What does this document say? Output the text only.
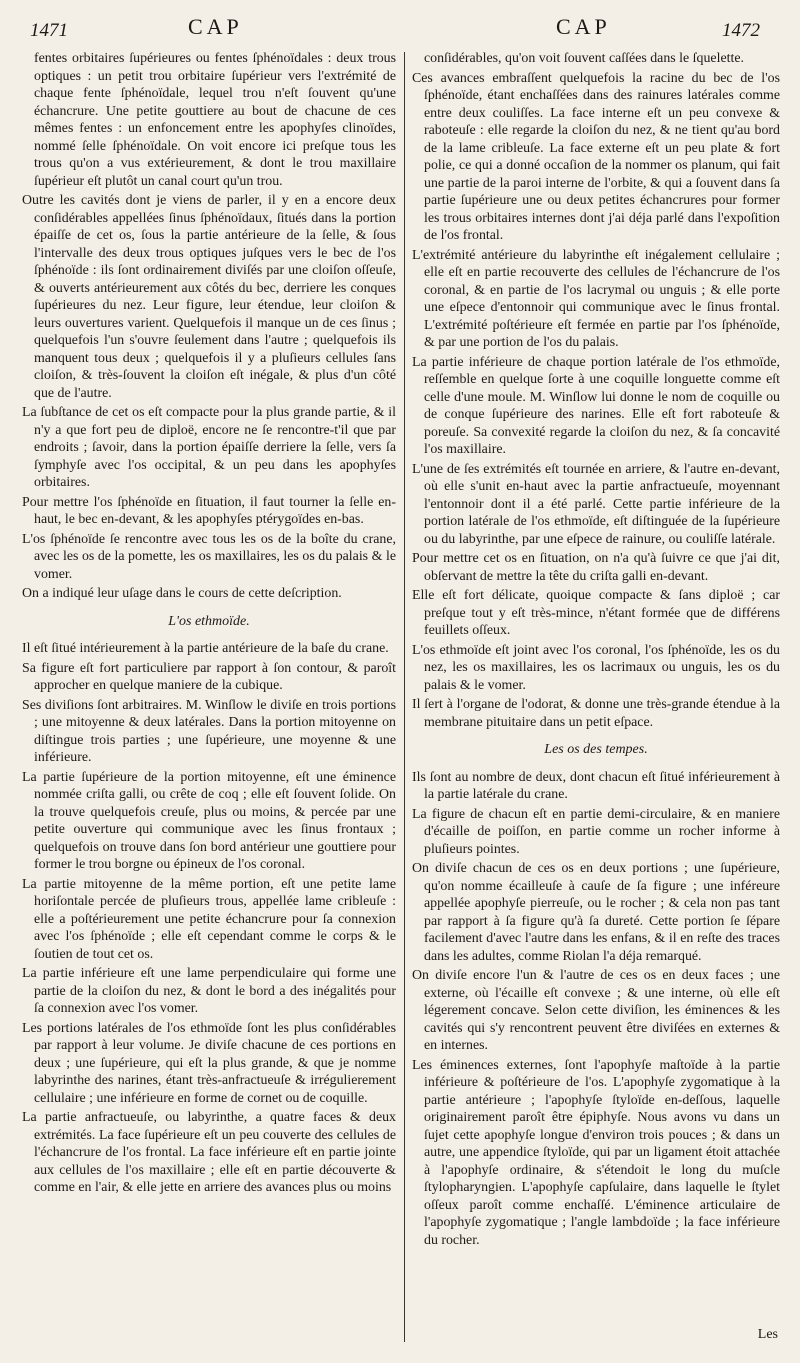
1471	CAP	CAP	1472

fentes orbitaires ſupérieures ou fentes ſphénoïdales : deux trous optiques : un petit trou orbitaire ſupérieur vers l'extrémité de chaque fente ſphénoïdale, lequel trou n'eſt ſouvent qu'une échancrure. Une petite gouttiere au bout de chacune de ces mêmes fentes : un enfoncement entre les apophyſes clinoïdes, nommé ſelle ſphénoïdale. On voit encore ici preſque tous les trous qu'on a vus extérieurement, & dont le trou maxillaire ſupérieur eſt plutôt un canal court qu'un trou.

Outre les cavités dont je viens de parler, il y en a encore deux conſidérables appellées ſinus ſphénoïdaux, ſitués dans la portion épaiſſe de cet os, ſous la partie antérieure de la ſelle, & ſous l'intervalle des deux trous optiques juſques vers le bec de l'os ſphénoïde : ils ſont ordinairement diviſés par une cloiſon oſſeuſe, & ouverts antérieurement aux côtés du bec, derriere les conques ſupérieures du nez. Leur figure, leur étendue, leur cloiſon & leurs ouvertures varient. Quelquefois il manque un de ces ſinus ; quelquefois l'un s'ouvre ſeulement dans l'autre ; quelquefois ils manquent tous deux ; quelquefois il y a pluſieurs cellules ſans cloiſon, & très-ſouvent la cloiſon eſt inégale, & plus d'un côté que de l'autre.

La ſubſtance de cet os eſt compacte pour la plus grande partie, & il n'y a que fort peu de diploë, encore ne ſe rencontre-t'il que par endroits ; ſavoir, dans la portion épaiſſe derriere la ſelle, vers ſa ſymphyſe avec l'os occipital, & un peu dans les apophyſes orbitaires.

Pour mettre l'os ſphénoïde en ſituation, il faut tourner la ſelle en-haut, le bec en-devant, & les apophyſes ptérygoïdes en-bas.

L'os ſphénoïde ſe rencontre avec tous les os de la boîte du crane, avec les os de la pomette, les os maxillaires, les os du palais & le vomer.

On a indiqué leur uſage dans le cours de cette deſcription.

L'os ethmoïde.

Il eſt ſitué intérieurement à la partie antérieure de la baſe du crane.

Sa figure eſt fort particuliere par rapport à ſon contour, & paroît approcher en quelque maniere de la cubique.

Ses diviſions ſont arbitraires. M. Winſlow le diviſe en trois portions ; une mitoyenne & deux latérales. Dans la portion mitoyenne on diſtingue trois parties ; une ſupérieure, une moyenne & une inférieure.

La partie ſupérieure de la portion mitoyenne, eſt une éminence nommée criſta galli, ou crête de coq ; elle eſt ſouvent ſolide. On la trouve quelquefois creuſe, plus ou moins, & percée par une petite ouverture qui communique avec les ſinus frontaux ; quelquefois on trouve dans ſon bord antérieur une gouttiere pour former le trou borgne ou épineux de l'os coronal.

La partie mitoyenne de la même portion, eſt une petite lame horiſontale percée de pluſieurs trous, appellée lame cribleuſe : elle a poſtérieurement une petite échancrure pour ſa connexion avec l'os ſphénoïde ; elle eſt cependant comme le corps & le ſoutien de tout cet os.

La partie inférieure eſt une lame perpendiculaire qui forme une partie de la cloiſon du nez, & dont le bord a des inégalités pour ſa connexion avec l'os vomer.

Les portions latérales de l'os ethmoïde ſont les plus conſidérables par rapport à leur volume. Je diviſe chacune de ces portions en deux ; une ſupérieure, qui eſt la plus grande, & que je nomme labyrinthe des narines, étant très-anfractueuſe & irrégulierement cellulaire ; une inférieure en forme de cornet ou de coquille.

La partie anfractueuſe, ou labyrinthe, a quatre faces & deux extrémités. La face ſupérieure eſt un peu couverte des cellules de l'échancrure de l'os frontal. La face inférieure eſt en partie jointe aux cellules de l'os maxillaire ; elle eſt en partie découverte & comme en l'air, & elle jette en arriere des avances plus ou moins

conſidérables, qu'on voit ſouvent caſſées dans le ſquelette.

Ces avances embraſſent quelquefois la racine du bec de l'os ſphénoïde, étant enchaſſées dans des rainures latérales comme entre deux couliſſes. La face interne eſt un peu convexe & raboteuſe : elle regarde la cloiſon du nez, & ne tient qu'au bord de la lame cribleuſe. La face externe eſt un peu plate & fort polie, ce qui a donné occaſion de la nommer os planum, qui fait une partie de la paroi interne de l'orbite, & qui a ſouvent dans ſa partie ſupérieure une ou deux petites échancrures pour former les trous orbitaires internes dont j'ai déja parlé dans l'expoſition de l'os frontal.

L'extrémité antérieure du labyrinthe eſt inégalement cellulaire ; elle eſt en partie recouverte des cellules de l'échancrure de l'os coronal, & en partie de l'os lacrymal ou unguis ; & elle porte une eſpece d'entonnoir qui communique avec le ſinus frontal. L'extrémité poſtérieure eſt fermée en partie par l'os ſphénoïde, & par une portion de l'os du palais.

La partie inférieure de chaque portion latérale de l'os ethmoïde, reſſemble en quelque ſorte à une coquille longuette comme eſt celle d'une moule. M. Winſlow lui donne le nom de coquille ou de conque ſupérieure des narines. Elle eſt fort raboteuſe & poreuſe. Sa convexité regarde la cloiſon du nez, & ſa concavité l'os maxillaire.

L'une de ſes extrémités eſt tournée en arriere, & l'autre en-devant, où elle s'unit en-haut avec la partie anfractueuſe, moyennant l'entonnoir dont il a été parlé. Cette partie inférieure de la portion latérale de l'os ethmoïde, eſt diſtinguée de la ſupérieure ou du labyrinthe, par une eſpece de rainure, ou couliſſe latérale.

Pour mettre cet os en ſituation, on n'a qu'à ſuivre ce que j'ai dit, obſervant de mettre la tête du criſta galli en-devant.

Elle eſt fort délicate, quoique compacte & ſans diploë ; car preſque tout y eſt très-mince, n'étant formée que de différens feuillets oſſeux.

L'os ethmoïde eſt joint avec l'os coronal, l'os ſphénoïde, les os du nez, les os maxillaires, les os lacrimaux ou unguis, les os du palais & le vomer.

Il ſert à l'organe de l'odorat, & donne une très-grande étendue à la membrane pituitaire dans un petit eſpace.

Les os des tempes.

Ils ſont au nombre de deux, dont chacun eſt ſitué inférieurement à la partie latérale du crane.

La figure de chacun eſt en partie demi-circulaire, & en maniere d'écaille de poiſſon, en partie comme un rocher informe à pluſieurs pointes.

On diviſe chacun de ces os en deux portions ; une ſupérieure, qu'on nomme écailleuſe à cauſe de ſa figure ; une inféreure appellée apophyſe pierreuſe, ou le rocher ; & cela non pas tant par rapport à ſa figure qu'à ſa dureté. Cette portion ſe ſépare facilement d'avec l'autre dans les enfans, & il en reſte des traces dans les adultes, comme Riolan l'a déja remarqué.

On diviſe encore l'un & l'autre de ces os en deux faces ; une externe, où l'écaille eſt convexe ; & une interne, où elle eſt légerement concave. Selon cette diviſion, les éminences & les cavités qui s'y rencontrent peuvent être diviſées en externes & en internes.

Les éminences externes, ſont l'apophyſe maſtoïde à la partie inférieure & poſtérieure de l'os. L'apophyſe zygomatique à la partie antérieure ; l'apophyſe ſtyloïde en-deſſous, laquelle originairement paroît être épiphyſe. Nous avons vu dans un ſujet cette apophyſe longue d'environ trois pouces ; & dans un autre, une appendice ſtyloïde, qui par un ligament étoit attachée à l'apophyſe ordinaire, & s'étendoit le long du muſcle ſtylopharyngien. L'apophyſe capſulaire, dans laquelle le ſtylet oſſeux paroît comme enchaſſé. L'éminence articulaire de l'apophyſe zygomatique ; l'angle lambdoïde ; la face inférieure du rocher.

Les
